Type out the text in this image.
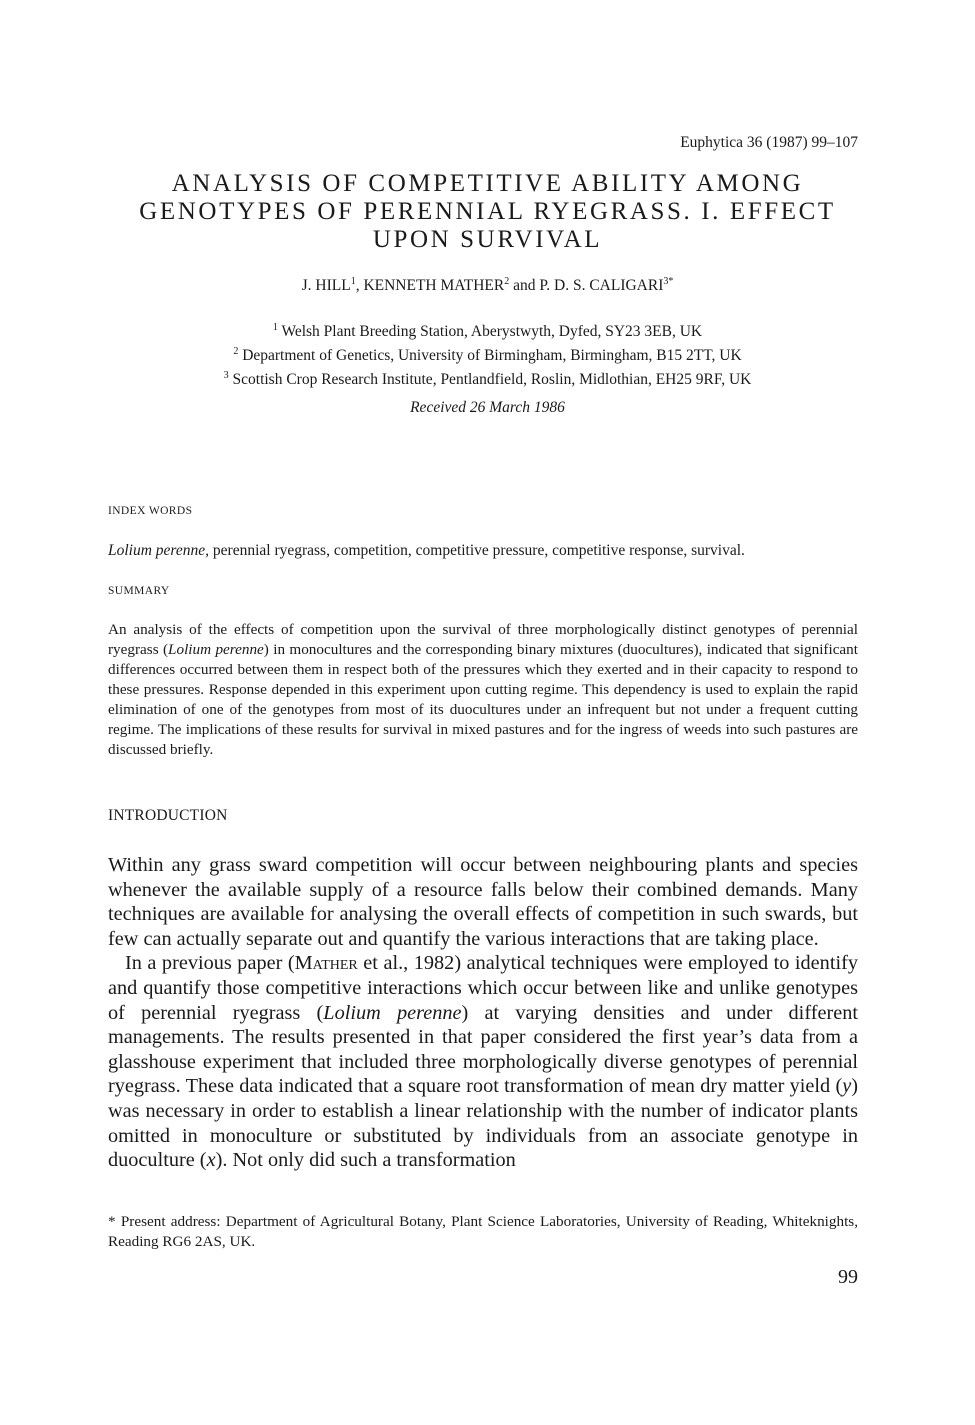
Euphytica 36 (1987) 99–107
ANALYSIS OF COMPETITIVE ABILITY AMONG
GENOTYPES OF PERENNIAL RYEGRASS. I. EFFECT
UPON SURVIVAL
J. HILL$^1$, KENNETH MATHER$^2$ and P. D. S. $CALIGARI^{3*}$
$^1$ Welsh Plant Breeding Station, Aberystwyth, Dyfed, SY23 3EB, UK
$^2$ Department of Genetics, University of Birmingham, Birmingham, B15 2TT, UK
$^3$ Scottish Crop Research Institute, Pentlandfield, Roslin, Midlothian, EH25 9RF, UK
Received 26 March 1986
INDEX WORDS
Lolium perenne, perennial ryegrass, competition, competitive pressure, competitive response, survival.
SUMMARY

An analysis of the effects of competition upon the survival of three morphologically distinct genotypes of perennial ryegrass (Lolium perenne) in monocultures and the corresponding binary mixtures (duocultures), indicated that significant differences occurred between them in respect both of the pressures which they exerted and in their capacity to respond to these pressures. Response depended in this experiment upon cutting regime. This dependency is used to explain the rapid elimination of one of the genotypes from most of its duocultures under an infrequent but not under a frequent cutting regime. The implications of these results for survival in mixed pastures and for the ingress of weeds into such pastures are discussed briefly.

INTRODUCTION

Within any grass sward competition will occur between neighbouring plants and species whenever the available supply of a resource falls below their combined demands. Many techniques are available for analysing the overall effects of competition in such swards, but few can actually separate out and quantify the various interactions that are taking place.

In a previous paper (Mather et al., 1982) analytical techniques were employed to identify and quantify those competitive interactions which occur between like and unlike genotypes of perennial ryegrass (Lolium perenne) at varying densities and under different managements. The results presented in that paper considered the first year’s data from a glasshouse experiment that included three morphologically diverse genotypes of perennial ryegrass. These data indicated that a square root transformation of mean dry matter yield (y) was necessary in order to establish a linear relationship with the number of indicator plants omitted in monoculture or substituted by individuals from an associate genotype in duoculture (x). Not only did such a transformation

* Present address: Department of Agricultural Botany, Plant Science Laboratories, University of Reading, Whiteknights, Reading RG6 2AS, UK.
99
